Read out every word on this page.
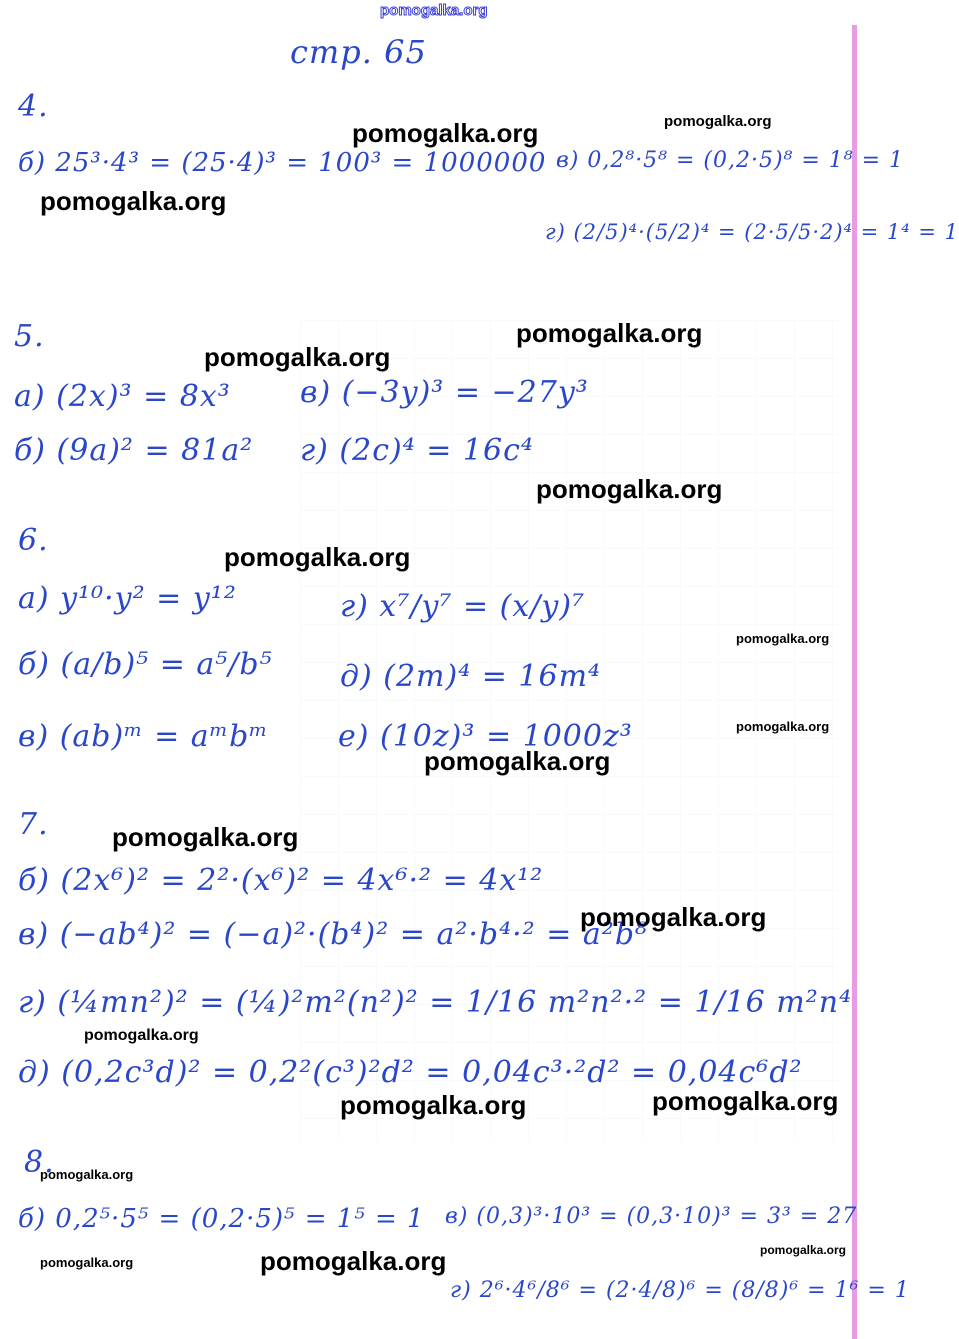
pomogalka.org
стр. 65
4.
б) 25³·4³ = (25·4)³ = 100³ = 1000000 в) 0,2⁸·5⁸ = (0,2·5)⁸ = 1⁸ = 1
г) (2/5)⁴·(5/2)⁴ = (2·5/5·2)⁴ = 1⁴ = 1
5.
а) (2x)³ = 8x³ в) (−3y)³ = −27y³
б) (9a)² = 81a² г) (2c)⁴ = 16c⁴
6.
а) y¹⁰·y² = y¹²	г) x⁷/y⁷ = (x/y)⁷
б) (a/b)⁵ = a⁵/b⁵ д) (2m)⁴ = 16m⁴
в) (ab)ᵐ = aᵐbᵐ е) (10z)³ = 1000z³
7.
б) (2x⁶)² = 2²·(x⁶)² = 4x⁶·² = 4x¹²
в) (−ab⁴)² = (−a)²·(b⁴)² = a²·b⁴·² = a²b⁸
г) (¼mn²)² = (¼)²m²(n²)² = 1/16 m²n²·² = 1/16 m²n⁴
д) (0,2c³d)² = 0,2²(c³)²d² = 0,04c³·²d² = 0,04c⁶d²
8.
б) 0,2⁵·5⁵ = (0,2·5)⁵ = 1⁵ = 1 в) (0,3)³·10³ = (0,3·10)³ = 3³ = 27
г) 2⁶·4⁶/8⁶ = (2·4/8)⁶ = (8/8)⁶ = 1⁶ = 1
pomogalka.org	pomogalka.org
pomogalka.org
pomogalka.org
pomogalka.org
pomogalka.org
pomogalka.org
pomogalka.org
pomogalka.org
pomogalka.org
pomogalka.org
pomogalka.org
pomogalka.org
pomogalka.org	pomogalka.org
pomogalka.org
pomogalka.org	pomogalka.org	pomogalka.org
